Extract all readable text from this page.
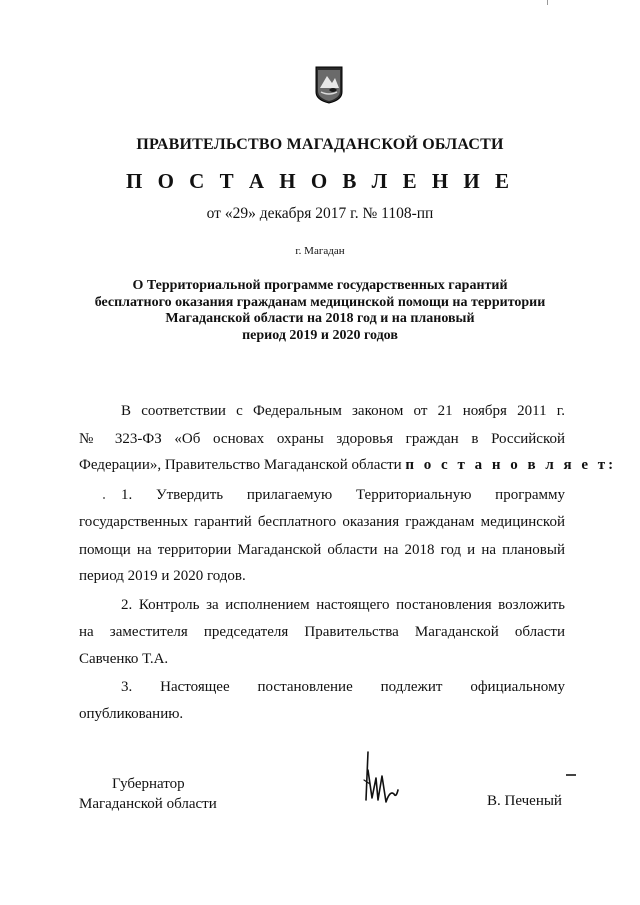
ПРАВИТЕЛЬСТВО МАГАДАНСКОЙ ОБЛАСТИ
П О С Т А Н О В Л Е Н И Е
от «29» декабря 2017 г. № 1108-пп
г. Магадан
О Территориальной программе государственных гарантий
бесплатного оказания гражданам медицинской помощи на территории
Магаданской области на 2018 год и на плановый
период 2019 и 2020 годов
В соответствии с Федеральным законом от 21 ноября 2011 г.
№ 323-ФЗ «Об основах охраны здоровья граждан в Российской
Федерации», Правительство Магаданской области п о с т а н о в л я е т:
1. Утвердить прилагаемую Территориальную программу
государственных гарантий бесплатного оказания гражданам медицинской
помощи на территории Магаданской области на 2018 год и на плановый
период 2019 и 2020 годов.
2. Контроль за исполнением настоящего постановления возложить
на заместителя председателя Правительства Магаданской области
Савченко Т.А.
3. Настоящее постановление подлежит официальному
опубликованию.
Губернатор
Магаданской области	В. Печеный
